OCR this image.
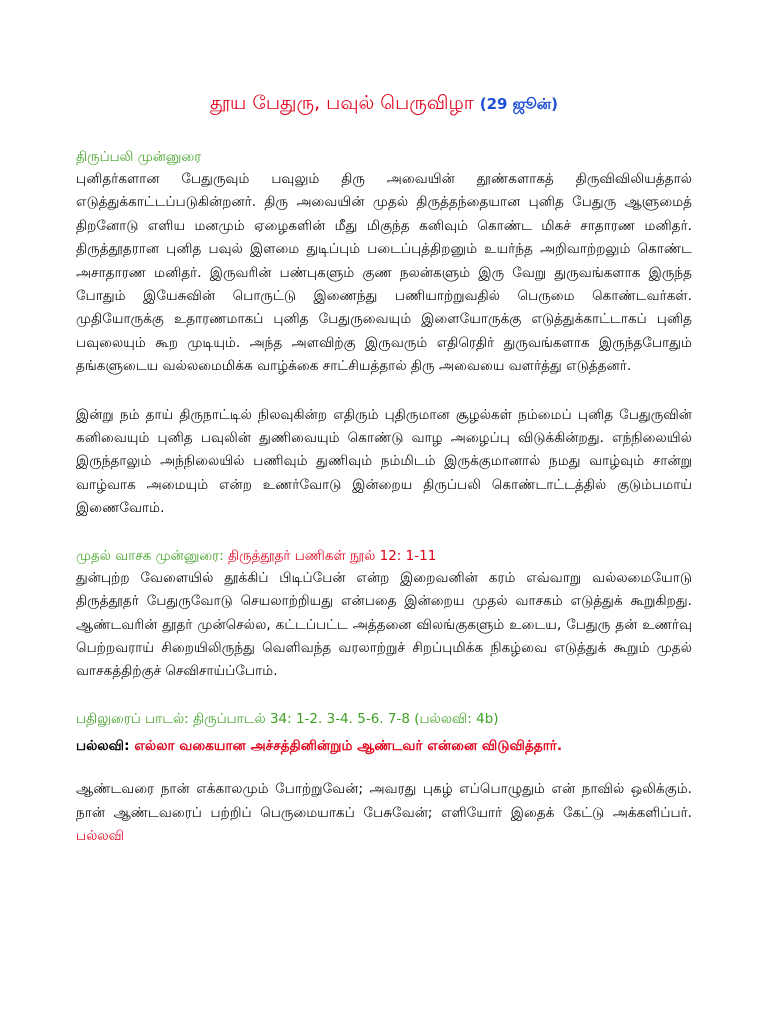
தூய பேதுரு, பவுல் பெருவிழா (29 ஜூன்)
திருப்பலி முன்னுரை

புனிதர்களான பேதுருவும் பவுலும் திரு அவையின் தூண்களாகத் திருவிவிலியத்தால் எடுத்துக்காட்டப்படுகின்றனர். திரு அவையின் முதல் திருத்தந்தையான புனித பேதுரு ஆளுமைத் திறனோடு எளிய மனமும் ஏழைகளின் மீது மிகுந்த கனிவும் கொண்ட மிகச் சாதாரண மனிதர். திருத்தூதரான புனித பவுல் இளமை துடிப்பும் படைப்புத்திறனும் உயர்ந்த அறிவாற்றலும் கொண்ட அசாதாரண மனிதர். இருவரின் பண்புகளும் குண நலன்களும் இரு வேறு துருவங்களாக இருந்த போதும் இயேசுவின் பொருட்டு இணைந்து பணியாற்றுவதில் பெருமை கொண்டவர்கள். முதியோருக்கு உதாரணமாகப் புனித பேதுருவையும் இளையோருக்கு எடுத்துக்காட்டாகப் புனித பவுலையும் கூற முடியும். அந்த அளவிற்கு இருவரும் எதிரெதிர் துருவங்களாக இருந்தபோதும் தங்களுடைய வல்லமைமிக்க வாழ்க்கை சாட்சியத்தால் திரு அவையை வளர்த்து எடுத்தனர்.

இன்று நம் தாய் திருநாட்டில் நிலவுகின்ற எதிரும் புதிருமான சூழல்கள் நம்மைப் புனித பேதுருவின் கனிவையும் புனித பவுலின் துணிவையும் கொண்டு வாழ அழைப்பு விடுக்கின்றது. எந்நிலையில் இருந்தாலும் அந்நிலையில் பணிவும் துணிவும் நம்மிடம் இருக்குமானால் நமது வாழ்வும் சான்று வாழ்வாக அமையும் என்ற உணர்வோடு இன்றைய திருப்பலி கொண்டாட்டத்தில் குடும்பமாய் இணைவோம்.

முதல் வாசக முன்னுரை: திருத்தூதர் பணிகள் நூல் 12: 1-11

துன்புற்ற வேளையில் தூக்கிப் பிடிப்பேன் என்ற இறைவனின் கரம் எவ்வாறு வல்லமையோடு திருத்தூதர் பேதுருவோடு செயலாற்றியது என்பதை இன்றைய முதல் வாசகம் எடுத்துக் கூறுகிறது. ஆண்டவரின் தூதர் முன்செல்ல, கட்டப்பட்ட அத்தனை விலங்குகளும் உடைய, பேதுரு தன் உணர்வு பெற்றவராய் சிறையிலிருந்து வெளிவந்த வரலாற்றுச் சிறப்புமிக்க நிகழ்வை எடுத்துக் கூறும் முதல் வாசகத்திற்குச் செவிசாய்ப்போம்.

பதிலுரைப் பாடல்: திருப்பாடல் 34: 1-2. 3-4. 5-6. 7-8 (பல்லவி: 4b)
பல்லவி: எல்லா வகையான அச்சத்தினின்றும் ஆண்டவர் என்னை விடுவித்தார்.

ஆண்டவரை நான் எக்காலமும் போற்றுவேன்; அவரது புகழ் எப்பொழுதும் என் நாவில் ஒலிக்கும். நான் ஆண்டவரைப் பற்றிப் பெருமையாகப் பேசுவேன்; எளியோர் இதைக் கேட்டு அக்களிப்பர். பல்லவி
